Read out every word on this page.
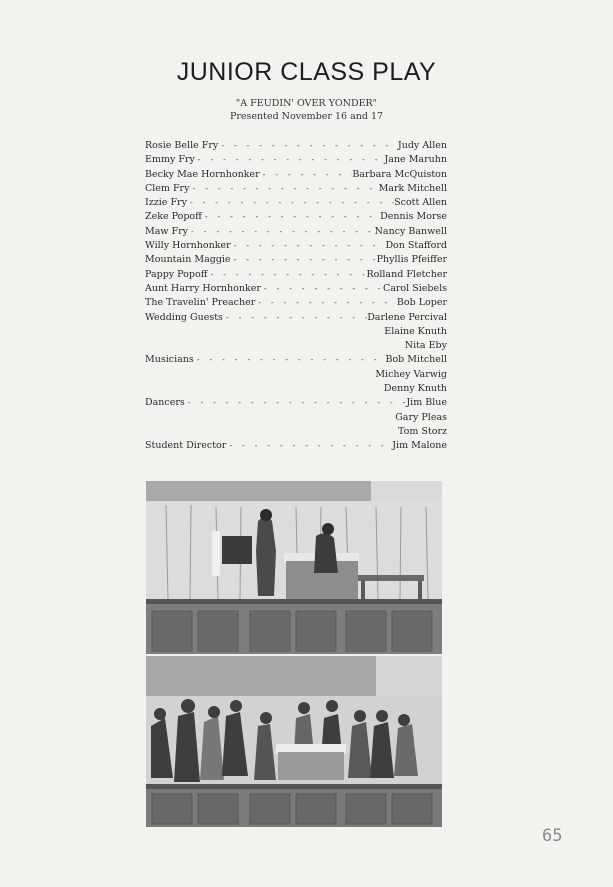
JUNIOR CLASS PLAY
"A FEUDIN' OVER YONDER"
Presented November 16 and 17
Rosie Belle Fry - - -	Judy Allen
Emmy Fry - - -	Jane Maruhn
Becky Mae Hornhonker - - -	Barbara McQuiston
Clem Fry - - -	Mark Mitchell
Izzie Fry - - -	Scott Allen
Zeke Popoff - - -	Dennis Morse
Maw Fry - - -	Nancy Banwell
Willy Hornhonker - - -	Don Stafford
Mountain Maggie - - -	Phyllis Pfeiffer
Pappy Popoff - - -	Rolland Fletcher
Aunt Harry Hornhonker - - -	Carol Siebels
The Travelin' Preacher - - -	Bob Loper
Wedding Guests - - -	Darlene Percival
Elaine Knuth
Nita Eby
Musicians - - -	Bob Mitchell
Michey Varwig
Denny Knuth
Dancers - - -	Jim Blue
Gary Pleas
Tom Storz
Student Director - - -	Jim Malone
65
